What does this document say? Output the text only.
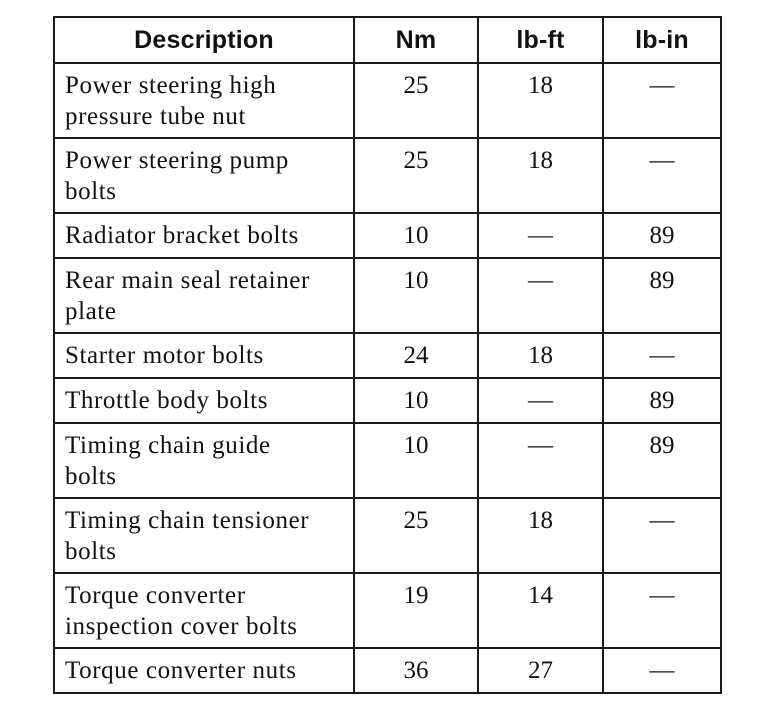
Description	Nm	lb-ft	lb-in
Power steering high pressure tube nut	25	18	—
Power steering pump bolts	25	18	—
Radiator bracket bolts	10	—	89
Rear main seal retainer plate	10	—	89
Starter motor bolts	24	18	—
Throttle body bolts	10	—	89
Timing chain guide bolts	10	—	89
Timing chain tensioner bolts	25	18	—
Torque converter inspection cover bolts	19	14	—
Torque converter nuts	36	27	—
